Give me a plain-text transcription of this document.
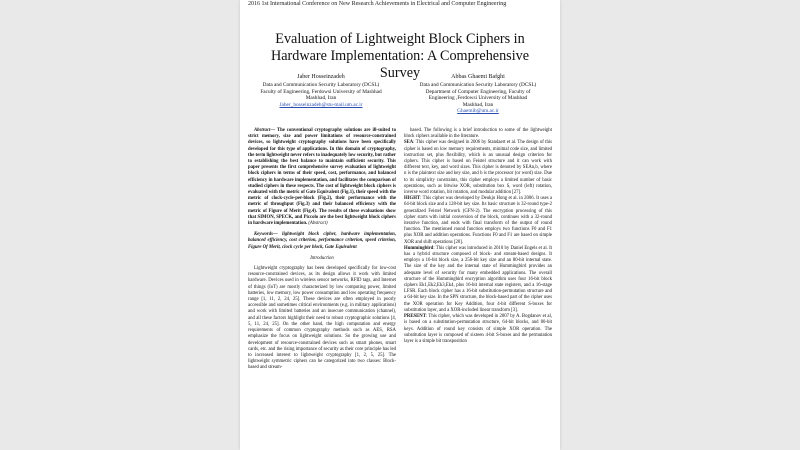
2016 1st International Conference on New Research Achievements in Electrical and Computer Engineering
Evaluation of Lightweight Block Ciphers in
Hardware Implementation: A Comprehensive Survey
Jaber Hosseinzadeh
Data and Communication Security Laboratory (DCSL)
Faculty of Engineering, Ferdowsi University of Mashhad
Mashhad, Iran
Jaber_hosseinzadeh@stu-mail.um.ac.ir
Abbas Ghaemi Bafghi
Data and Communication Security Laboratory (DCSL)
Department of Computer Engineering, Faculty of
Engineering ,Ferdowsi University of Mashhad
Mashhad, Iran
Ghaemib@um.ac.ir

Abstract— The conventional cryptography solutions are ill-suited to strict memory, size and power limitations of resource-constrained devices, so lightweight cryptography solutions have been specifically developed for this type of applications. In this domain of cryptography, the term lightweight never refers to inadequately low security, but rather to establishing the best balance to maintain sufficient security. This paper presents the first comprehensive survey evaluation of lightweight block ciphers in terms of their speed, cost, performance, and balanced efficiency in hardware implementation, and facilitates the comparison of studied ciphers in these respects. The cost of lightweight block ciphers is evaluated with the metric of Gate Equivalent (Fig.1), their speed with the metric of clock-cycle-per-block (Fig.2), their performance with the metric of throughput (Fig.3) and their balanced efficiency with the metric of Figure of Merit (Fig.4). The results of these evaluations show that SIMON, SPECK, and Piccolo are the best lightweight block ciphers in hardware implementation. (Abstract)

Keywords— lightweight block cipher, hardware implementation, balanced efficiency, cost criterion, performance criterion, speed criterion, Figure Of Merit, clock cycle per block, Gate Equivalent

Introduction

Lightweight cryptography has been developed specifically for low-cost resource-constrained devices, as its design allows it work with limited hardware. Devices used in wireless sensor networks, RFID tags, and Internet of things (IoT) are mostly characterized by low computing power, limited batteries, low memory, low power consumption and low operating frequency range [1, 11, 2, 24, 25]. These devices are often employed in poorly accessible and sometimes critical environments (e.g. in military applications) and work with limited batteries and an insecure communication (channel), and all these factors highlight their need to robust cryptographic solutions [4, 5, 11, 24, 25]. On the other hand, the high computation and energy requirements of common cryptography methods such as AES, RSA emphasize the focus on lightweight solutions. So the growing use and development of resource-constrained devices such as smart phones, smart cards, etc. and the rising importance of security as their core principle has led to increased interest to lightweight cryptography [1, 2, 5, 25]. The lightweight symmetric ciphers can be categorized into two classes: Block-based and stream-

based. The following is a brief introduction to some of the lightweight block ciphers available in the literature.

SEA: This cipher was designed in 2006 by Standaert et al. The design of this cipher is based on low memory requirements, minimal code size, and limited instruction set, plus flexibility, which is an unusual design criterion for ciphers. This cipher is based on Feistel structure and it can work with different text, key, and word sizes. This cipher is denoted by SEAn,b, where n is the plaintext size and key size, and b is the processor (or word) size. Due to its simplicity constraints, this cipher employs a limited number of basic operations, such as bitwise XOR, substitution box S, word (left) rotation, inverse word rotation, bit rotation, and modular addition [27].

HIGHT: This cipher was developed by Deukjo Hong et al. in 2006. It uses a 64-bit block size and a 128-bit key size. Its basic structure is 32-round type-2 generalized Feistel Network (GFN-2). The encryption processing of this cipher starts with initial conversion of the block, continues with a 32-round iterative function, and ends with final transform of the output of round function. The mentioned round function employs two functions F0 and F1 plus XOR and addition operations. Functions F0 and F1 are based on simple XOR and shift operations [20].

Hummingbird: This cipher was introduced in 2010 by Daniel Engels et al. It has a hybrid structure composed of block- and stream-based designs. It employs a 16-bit block size, a 256-bit key size and an 80-bit internal state. The size of the key and the internal state of Hummingbird provides an adequate level of security for many embedded applications. The overall structure of the Hummingbird encryption algorithm uses four 16-bit block ciphers Ek1,Ek2,Ek3,Ek4, plus 16-bit internal state registers, and a 16-stage LFSR. Each block cipher has a 16-bit substitution-permutation structure and a 64-bit key size. In the SPN structure, the block-based part of the cipher uses the XOR operation for Key Addition, four 4-bit different S-boxes for substitution layer, and a XOR-included linear transform [3].

PRESENT: This cipher, which was developed in 2007 by A. Bogdanov et al, is based on a substitution-permutation structure, 64-bit blocks, and 80-bit keys. Addition of round key consists of simple XOR operation. The substitution layer is composed of sixteen 4-bit S-boxes and the permutation layer is a simple bit transposition
